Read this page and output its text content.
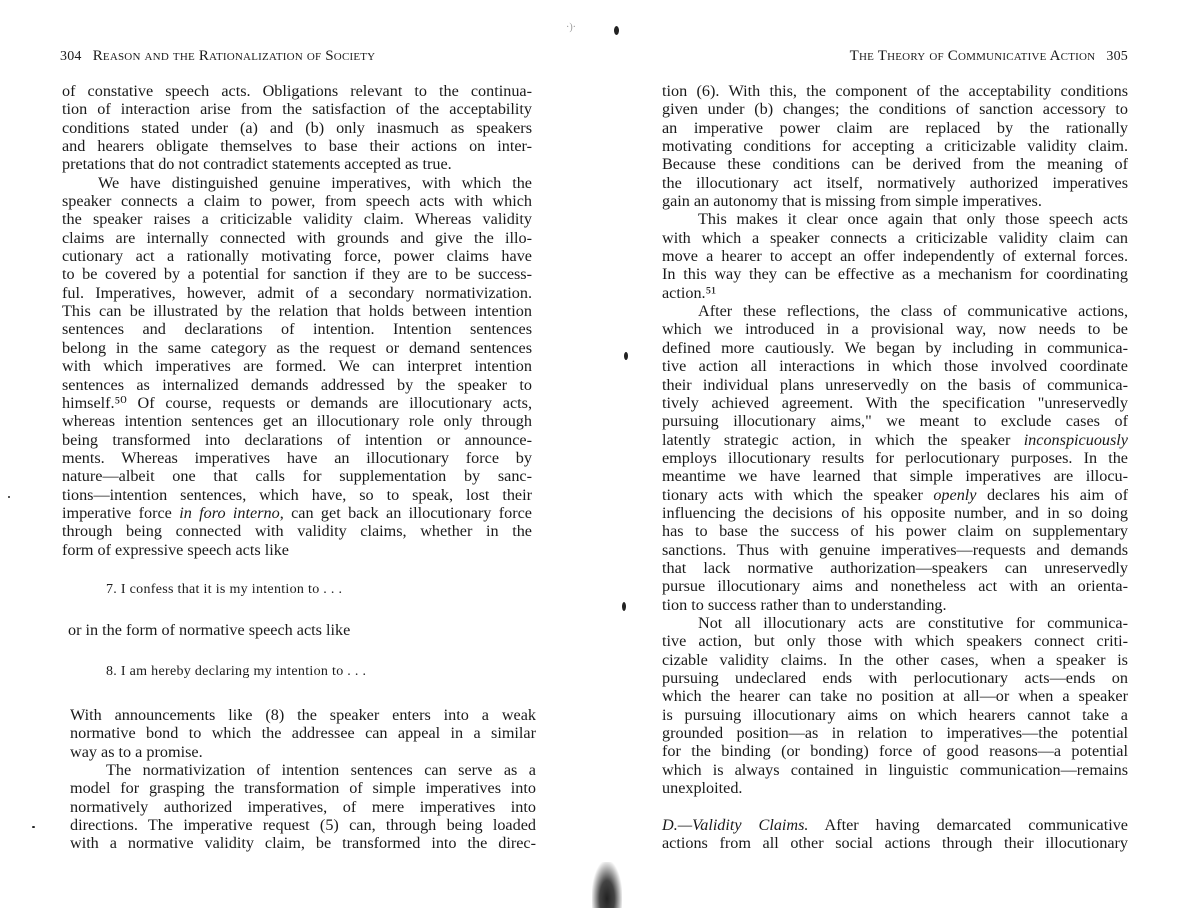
·)·
304 Reason and the Rationalization of Society
of constative speech acts. Obligations relevant to the continua-
tion of interaction arise from the satisfaction of the acceptability
conditions stated under (a) and (b) only inasmuch as speakers
and hearers obligate themselves to base their actions on inter-
pretations that do not contradict statements accepted as true.
We have distinguished genuine imperatives, with which the
speaker connects a claim to power, from speech acts with which
the speaker raises a criticizable validity claim. Whereas validity
claims are internally connected with grounds and give the illo-
cutionary act a rationally motivating force, power claims have
to be covered by a potential for sanction if they are to be success-
ful. Imperatives, however, admit of a secondary normativization.
This can be illustrated by the relation that holds between intention
sentences and declarations of intention. Intention sentences
belong in the same category as the request or demand sentences
with which imperatives are formed. We can interpret intention
sentences as internalized demands addressed by the speaker to
himself.⁵⁰ Of course, requests or demands are illocutionary acts,
whereas intention sentences get an illocutionary role only through
being transformed into declarations of intention or announce-
ments. Whereas imperatives have an illocutionary force by
nature—albeit one that calls for supplementation by sanc-
tions—intention sentences, which have, so to speak, lost their
imperative force in foro interno, can get back an illocutionary force
through being connected with validity claims, whether in the
form of expressive speech acts like
7. I confess that it is my intention to . . .
or in the form of normative speech acts like
8. I am hereby declaring my intention to . . .
With announcements like (8) the speaker enters into a weak
normative bond to which the addressee can appeal in a similar
way as to a promise.
The normativization of intention sentences can serve as a
model for grasping the transformation of simple imperatives into
normatively authorized imperatives, of mere imperatives into
directions. The imperative request (5) can, through being loaded
with a normative validity claim, be transformed into the direc-
The Theory of Communicative Action 305
tion (6). With this, the component of the acceptability conditions
given under (b) changes; the conditions of sanction accessory to
an imperative power claim are replaced by the rationally
motivating conditions for accepting a criticizable validity claim.
Because these conditions can be derived from the meaning of
the illocutionary act itself, normatively authorized imperatives
gain an autonomy that is missing from simple imperatives.
This makes it clear once again that only those speech acts
with which a speaker connects a criticizable validity claim can
move a hearer to accept an offer independently of external forces.
In this way they can be effective as a mechanism for coordinating
action.⁵¹
After these reflections, the class of communicative actions,
which we introduced in a provisional way, now needs to be
defined more cautiously. We began by including in communica-
tive action all interactions in which those involved coordinate
their individual plans unreservedly on the basis of communica-
tively achieved agreement. With the specification "unreservedly
pursuing illocutionary aims," we meant to exclude cases of
latently strategic action, in which the speaker inconspicuously
employs illocutionary results for perlocutionary purposes. In the
meantime we have learned that simple imperatives are illocu-
tionary acts with which the speaker openly declares his aim of
influencing the decisions of his opposite number, and in so doing
has to base the success of his power claim on supplementary
sanctions. Thus with genuine imperatives—requests and demands
that lack normative authorization—speakers can unreservedly
pursue illocutionary aims and nonetheless act with an orienta-
tion to success rather than to understanding.
Not all illocutionary acts are constitutive for communica-
tive action, but only those with which speakers connect criti-
cizable validity claims. In the other cases, when a speaker is
pursuing undeclared ends with perlocutionary acts—ends on
which the hearer can take no position at all—or when a speaker
is pursuing illocutionary aims on which hearers cannot take a
grounded position—as in relation to imperatives—the potential
for the binding (or bonding) force of good reasons—a potential
which is always contained in linguistic communication—remains
unexploited.

D.—Validity Claims. After having demarcated communicative
actions from all other social actions through their illocutionary
